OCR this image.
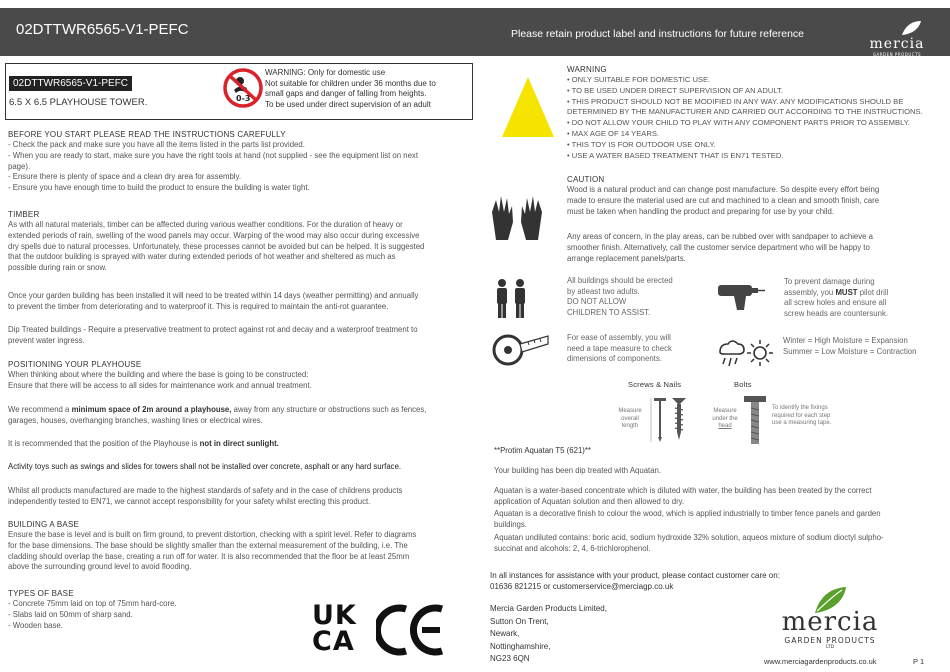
02DTTWR6565-V1-PEFC	Please retain product label and instructions for future reference
mercia
GARDEN PRODUCTS
02DTTWR6565-V1-PEFC
6.5 X 6.5 PLAYHOUSE TOWER.	0-3
WARNING: Only for domestic use
Not suitable for children under 36 months due to
small gaps and danger of falling from heights.
To be used under direct supervision of an adult
BEFORE YOU START PLEASE READ THE INSTRUCTIONS CAREFULLY
- Check the pack and make sure you have all the items listed in the parts list provided.
- When you are ready to start, make sure you have the right tools at hand (not supplied - see the equipment list on next
page).
- Ensure there is plenty of space and a clean dry area for assembly.
- Ensure you have enough time to build the product to ensure the building is water tight.
TIMBER
As with all natural materials, timber can be affected during various weather conditions. For the duration of heavy or
extended periods of rain, swelling of the wood panels may occur. Warping of the wood may also occur during excessive
dry spells due to natural processes. Unfortunately, these processes cannot be avoided but can be helped. It is suggested
that the outdoor building is sprayed with water during extended periods of hot weather and sheltered as much as
possible during rain or snow.
Once your garden building has been installed it will need to be treated within 14 days (weather permitting) and annually
to prevent the timber from deteriorating and to waterproof it. This is required to maintain the anti-rot guarantee.
Dip Treated buildings - Require a preservative treatment to protect against rot and decay and a waterproof treatment to
prevent water ingress.
POSITIONING YOUR PLAYHOUSE
When thinking about where the building and where the base is going to be constructed:
Ensure that there will be access to all sides for maintenance work and annual treatment.
We recommend a minimum space of 2m around a playhouse, away from any structure or obstructions such as fences,
garages, houses, overhanging branches, washing lines or electrical wires.
It is recommended that the position of the Playhouse is not in direct sunlight.
Activity toys such as swings and slides for towers shall not be installed over concrete, asphalt or any hard surface.
Whilst all products manufactured are made to the highest standards of safety and in the case of childrens products
independently tested to EN71, we cannot accept responsibility for your safety whilst erecting this product.
BUILDING A BASE
Ensure the base is level and is built on firm ground, to prevent distortion, checking with a spirit level. Refer to diagrams
for the base dimensions. The base should be slightly smaller than the external measurement of the building, i.e. The
cladding should overlap the base, creating a run off for water. It is also recommended that the floor be at least 25mm
above the surrounding ground level to avoid flooding.
TYPES OF BASE
- Concrete 75mm laid on top of 75mm hard-core.
- Slabs laid on 50mm of sharp sand.
- Wooden base.	UK
CA
WARNING
• ONLY SUITABLE FOR DOMESTIC USE.
• TO BE USED UNDER DIRECT SUPERVISION OF AN ADULT.
• THIS PRODUCT SHOULD NOT BE MODIFIED IN ANY WAY. ANY MODIFICATIONS SHOULD BE
DETERMINED BY THE MANUFACTURER AND CARRIED OUT ACCORDING TO THE INSTRUCTIONS.
• DO NOT ALLOW YOUR CHILD TO PLAY WITH ANY COMPONENT PARTS PRIOR TO ASSEMBLY.
• MAX AGE OF 14 YEARS.
• THIS TOY IS FOR OUTDOOR USE ONLY.
• USE A WATER BASED TREATMENT THAT IS EN71 TESTED.
CAUTION
Wood is a natural product and can change post manufacture. So despite every effort being
made to ensure the material used are cut and machined to a clean and smooth finish, care
must be taken when handling the product and preparing for use by your child.
Any areas of concern, in the play areas, can be rubbed over with sandpaper to achieve a
smoother finish. Alternatively, call the customer service department who will be happy to
arrange replacement panels/parts.
All buildings should be erected
by atleast two adults.
DO NOT ALLOW
CHILDREN TO ASSIST.
To prevent damage during
assembly, you MUST pilot drill
all screw holes and ensure all
screw heads are countersunk.
For ease of assembly, you will
need a tape measure to check
dimensions of components.
Winter = High Moisture = Expansion
Summer = Low Moisture = Contraction
Screws & Nails	Bolts
Measure
overall
length
Measure
under the
head
To identify the fixings
required for each step
use a measuring tape.
**Protim Aquatan T5 (621)**
Your building has been dip treated with Aquatan.
Aquatan is a water-based concentrate which is diluted with water, the building has been treated by the correct
application of Aquatan solution and then allowed to dry.
Aquatan is a decorative finish to colour the wood, which is applied industrially to timber fence panels and garden
buildings.
Aquatan undiluted contains: boric acid, sodium hydroxide 32% solution, aqueos mixture of sodium dioctyl sulpho-
succinat and alcohols: 2, 4, 6-trichlorophenol.
In all instances for assistance with your product, please contact customer care on:
01636 821215 or customerservice@merciagp.co.uk
Mercia Garden Products Limited,
Sutton On Trent,
Newark,
Nottinghamshire,
NG23 6QN
mercia
GARDEN PRODUCTS
LTD
www.merciagardenproducts.co.uk	P 1
